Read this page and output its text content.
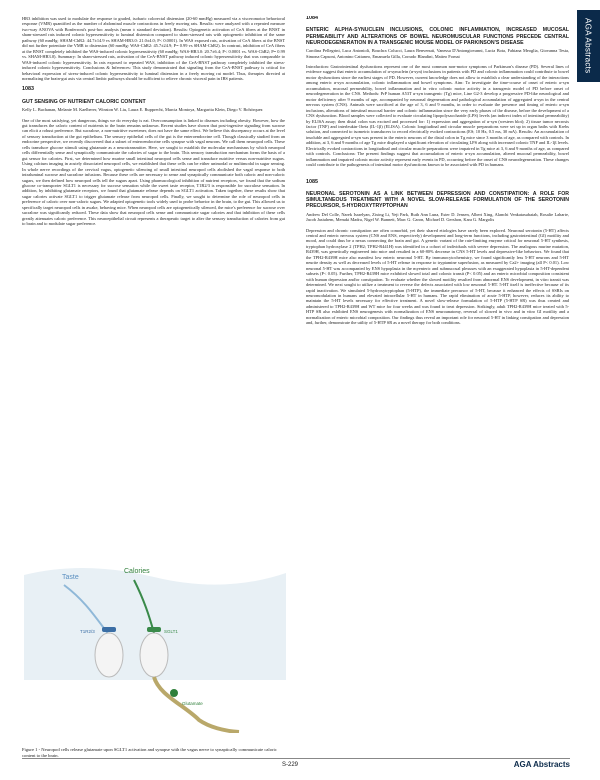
HR3 inhibition was used to modulate the response to graded, isobaric colorectal distension (20-60 mmHg) measured via a visceromotor behavioral response (VMR) quantified as the number of abdominal muscle contractions in freely moving rats. Results: were analyzed with a repeated measure two-way ANOVA with Bonferroni's post-hoc analysis (mean ± standard deviation). Results: Optogenetic activation of CeA fibers at the BNST in sham-stressed rats induced colonic hypersensitivity to luminal distension compared to sham-stressed rats with optogenetic inhibition of the same pathway (60 mmHg: SHAM-ChR2: 44.7±14.9 vs SHAM-HR3.0: 21.0±4.0; P< 0.0001). In WAS exposed rats, activation of CeA fibers at the BNST did not further potentiate the VMR to distension (60 mmHg: WAS-ChR2: 45.7±24.9; P= 0.99 vs SHAM-ChR2). In contrast, inhibition of CeA fibers at the BNST completely inhibited the WAS-induced colonic hypersensitivity (60 mmHg: WAS-HR3.0: 20.7±6.4; P< 0.0001 vs. WAS-ChR2; P= 0.99 vs. SHAM-HR3.0). Summary: In sham-stressed rats, activation of the CeA-BNST pathway induced colonic hypersensitivity that was comparable to WAS-induced colonic hypersensitivity. In rats exposed to repeated WAS, inhibition of the CeA-BNST pathway completely inhibited the stress-induced colonic hypersensitivity. Conclusions & Inferences: This study demonstrated that signaling from the CeA-BNST pathway is critical for behavioral expression of stress-induced colonic hypersensitivity to luminal distension in a freely moving rat model. Thus, therapies directed at normalizing the brain-gut axis via central limbic pathways should be sufficient to relieve chronic visceral pain in IBS patients.

1083

GUT SENSING OF NUTRIENT CALORIC CONTENT

Kelly L. Buchanan, Melanie M. Kaelberer, Winston W. Liu, Laura E. Rupprecht, Marcia Montoya, Margarita Klein, Diego V. Bohórquez

One of the most satisfying, yet dangerous, things we do everyday is eat. Overconsumption is linked to diseases including obesity. However, how the gut transduces the caloric content of nutrients to the brain remains unknown. Recent studies have shown that post-ingestive signaling from sucrose can elicit a robust preference. But sucralose, a non-nutritive sweetener, does not have the same effect. We believe this discrepancy occurs at the level of sensory transduction at the gut epithelium. The sensory epithelial cells of the gut is the enteroendocrine cell. Though classically studied from an endocrine perspective, we recently discovered that a subset of enteroendocrine cells synapse with vagal neurons. We call them neuropod cells. These cells transduce glucose stimuli using glutamate as a neurotransmitter. Here, we sought to establish the molecular mechanisms by which neuropod cells differentially sense and synaptically communicate the calories of sugar to the brain. This sensory transduction mechanism forms the basis of a gut sensor for calories. First, we determined how murine small intestinal neuropod cells sense and transduce nutritive versus non-nutritive sugars. Using calcium imaging in acutely dissociated neuropod cells, we established that these cells can be either unimodal or multimodal in sugar sensing. In whole nerve recordings of the cervical vagus, optogenetic silencing of small intestinal neuropod cells abolished the vagal response to both intraluminal sucrose and sucralose infusions. Because these cells are necessary to sense and synaptically communicate both caloric and non-caloric sugars, we then defined how neuropod cells tell the sugars apart. Using pharmacological inhibition of nutrient receptors, we found that the sodium glucose co-transporter SGLT1 is necessary for sucrose sensation while the sweet taste receptor, T1R2/3 is responsible for sucralose sensation. In addition, by inhibiting glutamate receptors, we found that glutamate release depends on SGLT1 activation. Taken together, these results show that sugar calories activate SGLT1 to trigger glutamate release from neuropod cells. Finally, we sought to determine the role of neuropod cells in preference of caloric over non-caloric sugars. We adapted optogenetic tools widely used to probe behavior in the brain, to the gut. This allowed us to specifically target neuropod cells in awake, behaving mice. When neuropod cells are optogenetically silenced, the mice's preference for sucrose over sucralose was significantly reduced. These data show that neuropod cells sense and communicate sugar calories and that inhibition of these cells greatly attenuates caloric preference. This neuroepithelial circuit represents a therapeutic target to alter the sensory transduction of calories from gut to brain and to modulate sugar preference.

Taste
Calories
T1R2/3	SGLT1
Glutamate
Figure 1 - Neuropod cells release glutamate upon SGLT1 activation and synapse with the vagus nerve to synaptically communicate caloric content to the brain.
1084

ENTERIC ALPHA-SYNUCLEIN INCLUSIONS, COLONIC INFLAMMATION, INCREASED MUCOSAL PERMEABILITY AND ALTERATIONS OF BOWEL NEUROMUSCULAR FUNCTIONS PRECEDE CENTRAL NEURODEGENERATION IN A TRANSGENIC MOUSE MODEL OF PARKINSON'S DISEASE

Carolina Pellegrini, Luca Antonioli, Bouchra Colucci, Laura Benvenuti, Vanessa D'Antongiovanni, Lucia Bota, Fabiana Meoglia, Giovanna Testa, Simona Capsoni, Antonino Cattaneo, Emanuela Gilla, Corrado Blandini, Matteo Fornai

Introduction: Gastrointestinal dysfunctions represent one of the most common non-motor symptoms of Parkinson's disease (PD). Several lines of evidence suggest that enteric accumulation of α-synuclein (α-syn) inclusions in patients with PD and colonic inflammation could contribute to bowel motor dysfunctions since the earliest stages of PD. However, current knowledge does not allow to establish a clear understanding of the interactions among enteric α-syn accumulation, colonic inflammation and bowel symptoms. Aim: To investigate the time-course of onset of enteric α-syn accumulation, mucosal permeability, bowel inflammation and in vitro colonic motor activity in a transgenic model of PD before onset of neurodegeneration in the CNS. Methods: PrP human A53T α-syn transgenic (Tg) mice, Line G2-3 develop a progressive PD-like neurological and motor deficiency after 9 months of age, accompanied by neuronal degeneration and pathological accumulation of aggregated α-syn in the central nervous system (CNS). Animals were sacrificed at the age of 3, 6 and 9 months, in order to evaluate the presence and timing of enteric α-syn inclusions, alterations of intestinal mucosal barrier and colonic inflammation since the very early phases of the disease, before the development of a CNS dysfunction. Blood samples were collected to evaluate circulating lipopolysaccharide (LPS) levels (an indirect index of intestinal permeability) by ELISA assay; then distal colon was excised and processed for: 1) expression and aggregation of α-syn (western blot); 2) tissue tumor necrosis factor (TNF) and interleukin-1beta (IL-1β) (ELISA). Colonic longitudinal and circular muscle preparations were set up in organ baths with Krebs solution, and connected to isometric transducers to record electrically evoked contractions (ES; 10 Hz, 0.5 ms, 30 mA). Results: An accumulation of insoluble and aggregated α-syn was present in the enteric neurons of the distal colon in Tg mice since 3 months of age, as compared with controls. In addition, at 3, 6 and 9 months of age Tg mice displayed a significant elevation of circulating LPS along with increased colonic TNF and IL-1β levels. Electrically evoked contractions in longitudinal and circular muscle preparations were impaired in Tg mice at 3, 6 and 9 months of age, as compared with controls. Conclusions: The present findings suggest that accumulation of enteric α-syn accumulation, altered mucosal permeability, bowel inflammation and impaired colonic motor activity represent early events in PD, occurring before the onset of CNS neurodegeneration. These changes could contribute to the pathogenesis of intestinal motor dysfunctions known to be associated with PD in humans.

1085

NEURONAL SEROTONIN AS A LINK BETWEEN DEPRESSION AND CONSTIPATION: A ROLE FOR SIMULTANEOUS TREATMENT WITH A NOVEL SLOW-RELEASE FORMULATION OF THE SEROTONIN PRECURSOR, 5-HYDROXYTRYPTOPHAN

Andrew Del Colle, Narek Israelyan, Zixing Li, Yeji Park, Ruth Ann Luna, Ester D. Jensen, Albert Xing, Alanchi Venkatasubaiah, Rosalie Laharte, Jacob Jasiuhem, Menuki Madra, Nigel W. Bunnett, Marc G. Caron, Michael D. Gershon, Kara G. Margolis

Depression and chronic constipation are often comorbid, yet their shared etiologies have rarely been explored. Neuronal serotonin (5-HT) affects central and enteric nervous system (CNS and ENS, respectively) development and long-term functions, including gastrointestinal (GI) motility and mood, and could thus be a nexus connecting the brain and gut. A genetic variant of the rate-limiting enzyme critical for neuronal 5-HT synthesis, tryptophan hydroxylase 2 (TPH2; TPH2-R441H) was identified in a cohort of individuals with severe depression. The analogous murine mutation, R439H, was genetically engineered into mice and resulted in a 60-80% decrease in CNS 5-HT levels and depressive-like behaviors. We found that the TPH2-R439H mice also manifest low enteric neuronal 5-HT. By immunocytochemistry, we found significantly less 5-HT neurons and 5-HT neurite density as well as decreased levels of 5-HT release in response to tryptamine superfusion, as measured by Ca2+ imaging (all P< 0.01). Low neuronal 5-HT was accompanied by ENS hypoplasia in the myenteric and submucosal plexuses with an exaggerated hypoplasia in 5-HT-dependent subsets (P< 0.05). Further, TPH2-R439H mice exhibited slowed total and colonic transit (P< 0.05) and an enteric microbial composition consistent with human depression and/or constipation. To evaluate whether the slowed motility resulted from abnormal ENS development, in vitro transit was determined. We next sought to utilize a treatment to reverse the defects associated with low neuronal 5-HT. 5-HT itself is ineffective because of its rapid inactivation. We simulated 5-hydroxytryptophan (5-HTP), the immediate precursor of 5-HT, because it enhanced the effects of SSRIs on neuromodulation in humans and elevated intracellular 5-HT in humans. The rapid elimination of acute 5-HTP, however, reduces its ability to maintain the 5-HT levels necessary for effective treatment. A novel slow-release formulation of 5-HTP (5-HTP SR) was thus created and administered to TPH2-R439H and WT mice for four weeks and was found to treat depression. Strikingly, adult TPH2-R439H mice treated with 5-HTP SR also exhibited ENS neurogenesis with normalization of ENS neuroanatomy, reversal of slowed in vivo and in vitro GI motility and a normalization of enteric microbial composition. Our findings thus reveal an important role for neuronal 5-HT in linking constipation and depression and, further, demonstrate the utility of 5-HTP SR as a novel therapy for both conditions.

AGA Abstracts
S-229	AGA Abstracts
